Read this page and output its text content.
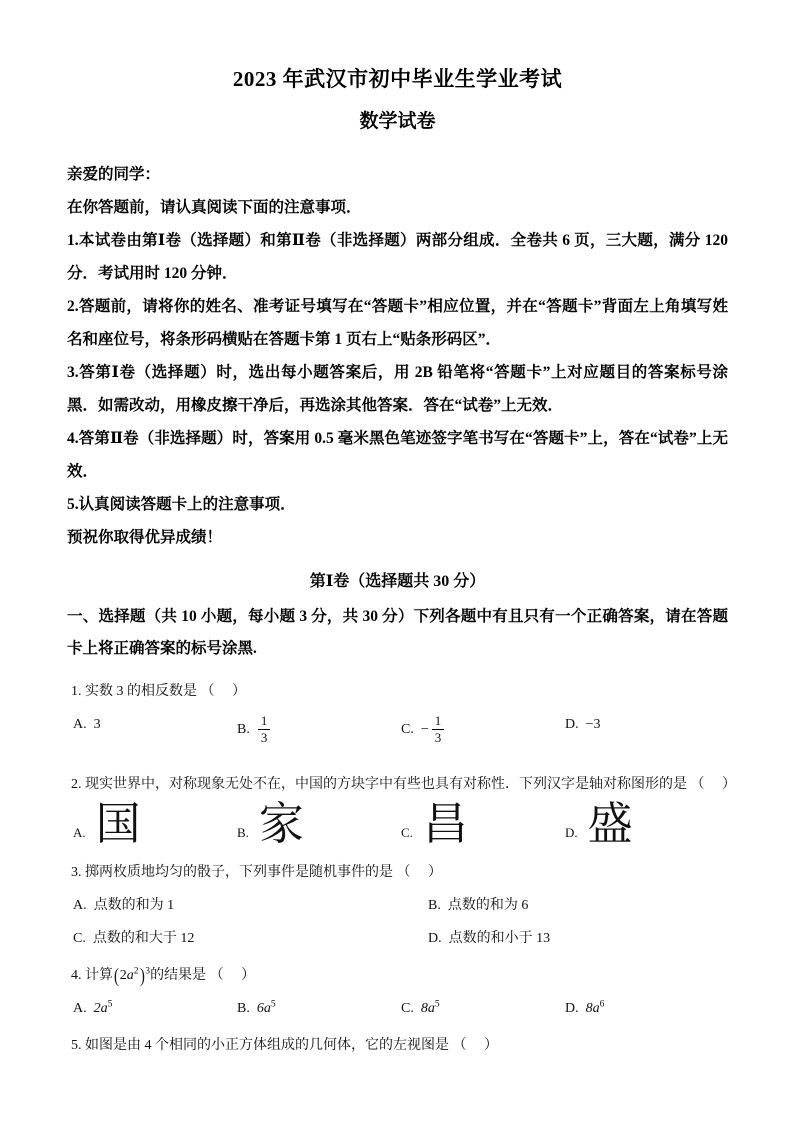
2023 年武汉市初中毕业生学业考试
数学试卷

亲爱的同学：

在你答题前，请认真阅读下面的注意事项．

1.本试卷由第Ⅰ卷（选择题）和第Ⅱ卷（非选择题）两部分组成．全卷共 6 页，三大题，满分 120 分．考试用时 120 分钟．

2.答题前，请将你的姓名、准考证号填写在“答题卡”相应位置，并在“答题卡”背面左上角填写姓名和座位号，将条形码横贴在答题卡第 1 页右上“贴条形码区”．

3.答第Ⅰ卷（选择题）时，选出每小题答案后，用 2B 铅笔将“答题卡”上对应题目的答案标号涂黑．如需改动，用橡皮擦干净后，再选涂其他答案．答在“试卷”上无效．

4.答第Ⅱ卷（非选择题）时，答案用 0.5 毫米黑色笔迹签字笔书写在“答题卡”上，答在“试卷”上无效．

5.认真阅读答题卡上的注意事项．

预祝你取得优异成绩！

第Ⅰ卷（选择题共 30 分）
一、选择题（共 10 小题，每小题 3 分，共 30 分）下列各题中有且只有一个正确答案，请在答题卡上将正确答案的标号涂黑.

1. 实数 3 的相反数是 （   ）

A. 3	B. $\frac{1}{3}$	C. − $\frac{1}{3}$	D. −3

2. 现实世界中，对称现象无处不在，中国的方块字中有些也具有对称性．下列汉字是轴对称图形的是 （   ）

A. 国	B. 家	C. 昌	D. 盛

3. 掷两枚质地均匀的骰子，下列事件是随机事件的是 （   ）

A. 点数的和为 1	B. 点数的和为 6
C. 点数的和大于 12	D. 点数的和小于 13

4. 计算$(2a^2)^3$的结果是 （   ）

A. $2a^5$	B. $6a^5$	C. $8a^5$	D. $8a^6$

5. 如图是由 4 个相同的小正方体组成的几何体，它的左视图是 （   ）
